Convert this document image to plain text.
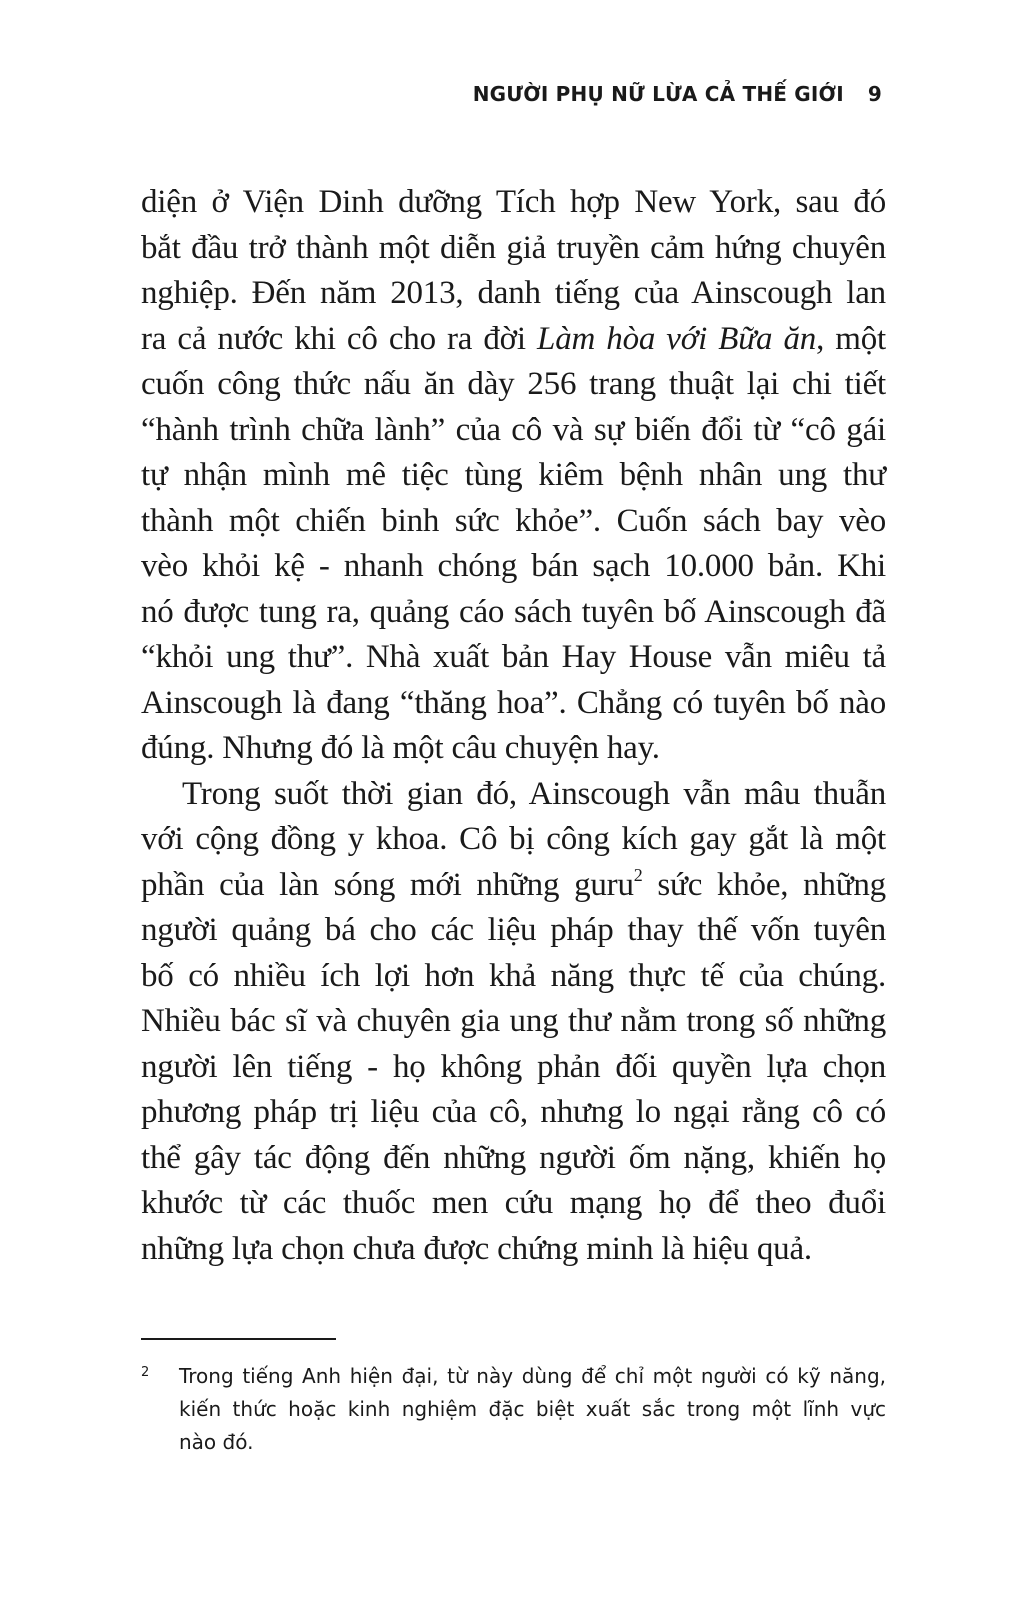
NGƯỜI PHỤ NỮ LỪA CẢ THẾ GIỚI 9
diện ở Viện Dinh dưỡng Tích hợp New York, sau đó
bắt đầu trở thành một diễn giả truyền cảm hứng chuyên
nghiệp. Đến năm 2013, danh tiếng của Ainscough lan
ra cả nước khi cô cho ra đời Làm hòa với Bữa ăn, một
cuốn công thức nấu ăn dày 256 trang thuật lại chi tiết
“hành trình chữa lành” của cô và sự biến đổi từ “cô gái
tự nhận mình mê tiệc tùng kiêm bệnh nhân ung thư
thành một chiến binh sức khỏe”. Cuốn sách bay vèo
vèo khỏi kệ - nhanh chóng bán sạch 10.000 bản. Khi
nó được tung ra, quảng cáo sách tuyên bố Ainscough đã
“khỏi ung thư”. Nhà xuất bản Hay House vẫn miêu tả
Ainscough là đang “thăng hoa”. Chẳng có tuyên bố nào
đúng. Nhưng đó là một câu chuyện hay.
Trong suốt thời gian đó, Ainscough vẫn mâu thuẫn
với cộng đồng y khoa. Cô bị công kích gay gắt là một
phần của làn sóng mới những guru$^2$ sức khỏe, những
người quảng bá cho các liệu pháp thay thế vốn tuyên
bố có nhiều ích lợi hơn khả năng thực tế của chúng.
Nhiều bác sĩ và chuyên gia ung thư nằm trong số những
người lên tiếng - họ không phản đối quyền lựa chọn
phương pháp trị liệu của cô, nhưng lo ngại rằng cô có
thể gây tác động đến những người ốm nặng, khiến họ
khước từ các thuốc men cứu mạng họ để theo đuổi
những lựa chọn chưa được chứng minh là hiệu quả.
2 Trong tiếng Anh hiện đại, từ này dùng để chỉ một người có kỹ năng,
kiến thức hoặc kinh nghiệm đặc biệt xuất sắc trong một lĩnh vực
nào đó.
